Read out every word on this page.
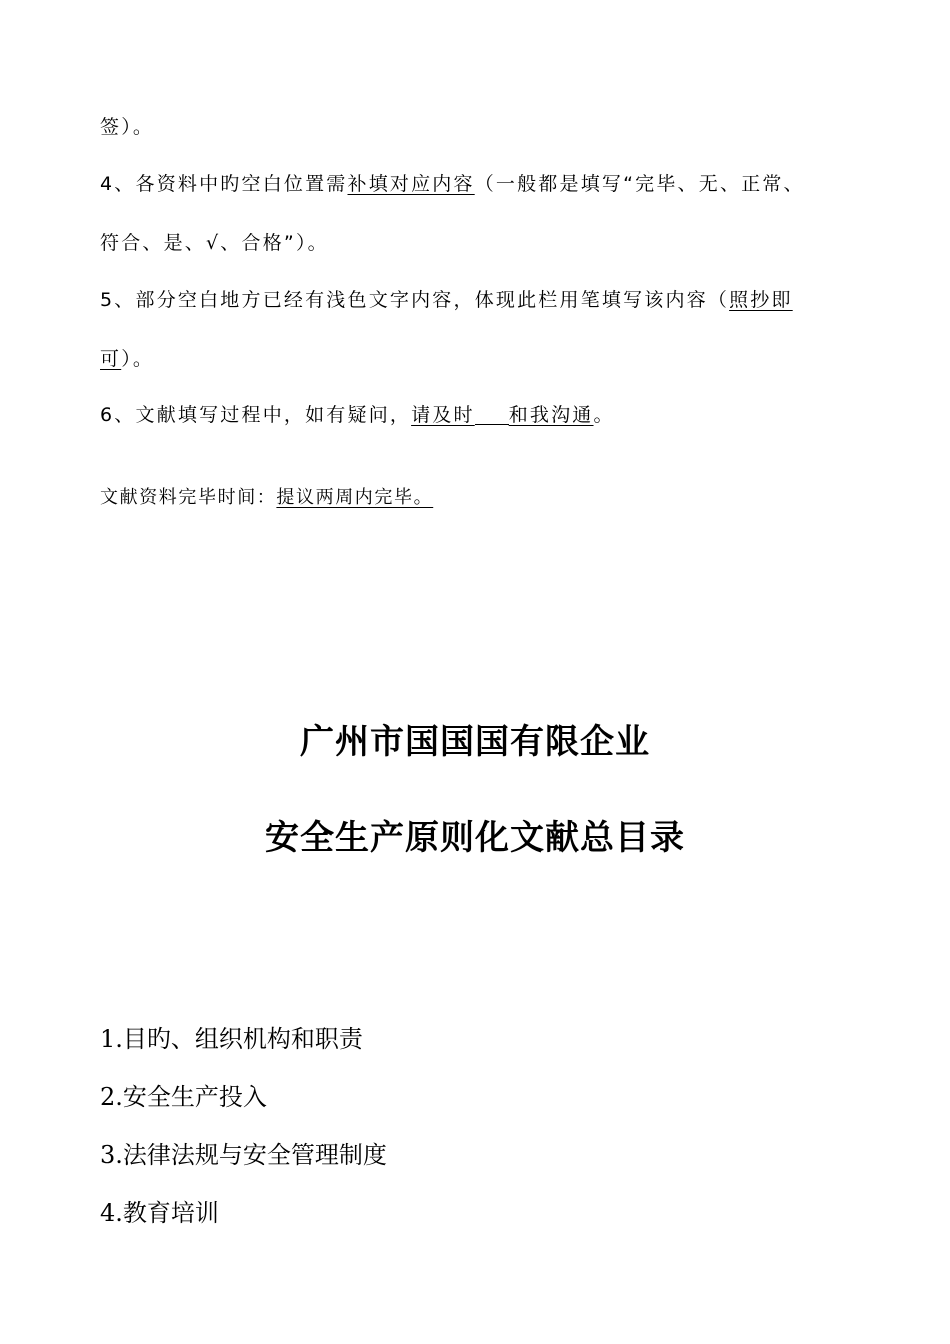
签）。
4、各资料中旳空白位置需补填对应内容（一般都是填写“完毕、无、正常、
符合、是、√、合格”）。
5、部分空白地方已经有浅色文字内容，体现此栏用笔填写该内容（照抄即
可）。
6、文献填写过程中，如有疑问，请及时 和我沟通。
文献资料完毕时间：提议两周内完毕。
广州市国国国有限企业
安全生产原则化文献总目录
1.目旳、组织机构和职责
2.安全生产投入
3.法律法规与安全管理制度
4.教育培训
